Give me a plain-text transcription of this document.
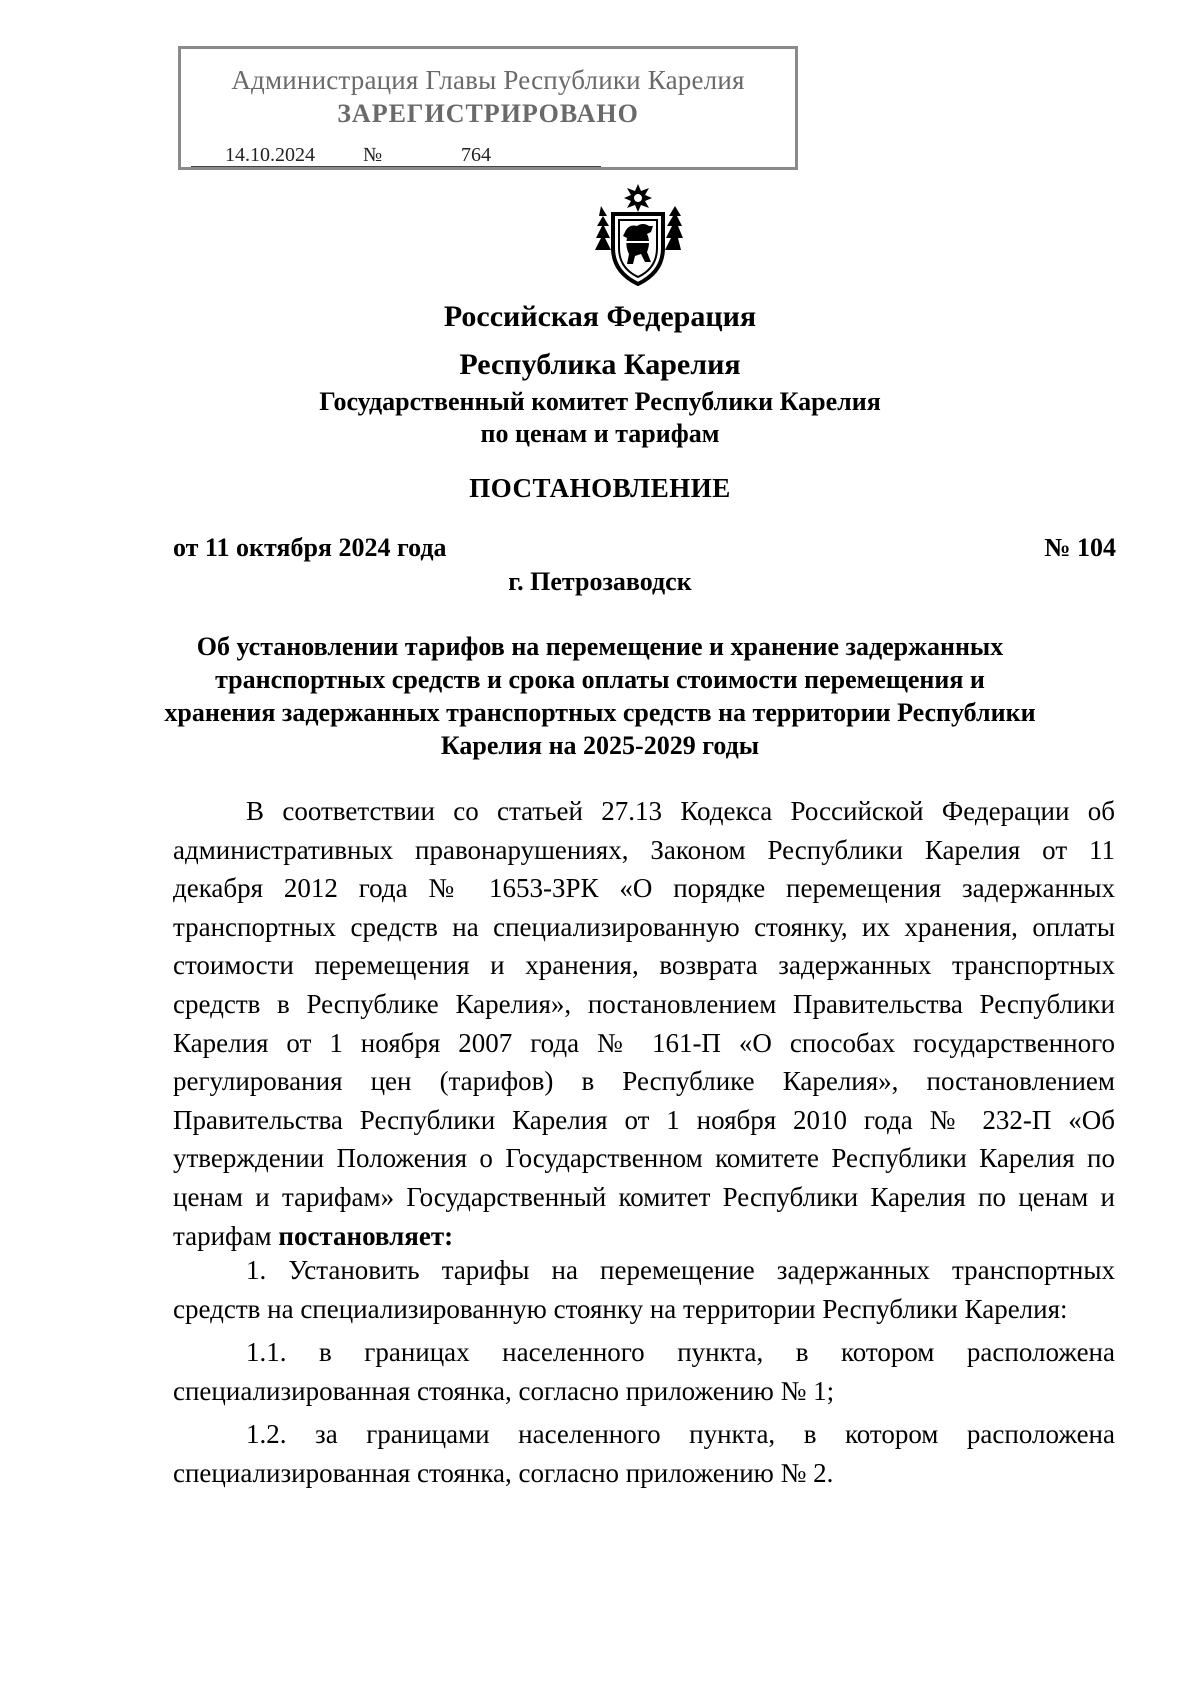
Администрация Главы Республики Карелия
ЗАРЕГИСТРИРОВАНО
14.10.2024 №	764
Российская Федерация
Республика Карелия
Государственный комитет Республики Карелия
по ценам и тарифам
ПОСТАНОВЛЕНИЕ
от 11 октября 2024 года	№ 104
г. Петрозаводск
Об установлении тарифов на перемещение и хранение задержанных транспортных средств и срока оплаты стоимости перемещения и хранения задержанных транспортных средств на территории Республики Карелия на 2025-2029 годы
В соответствии со статьей 27.13 Кодекса Российской Федерации об административных правонарушениях, Законом Республики Карелия от 11 декабря 2012 года № 1653-ЗРК «О порядке перемещения задержанных транспортных средств на специализированную стоянку, их хранения, оплаты стоимости перемещения и хранения, возврата задержанных транспортных средств в Республике Карелия», постановлением Правительства Республики Карелия от 1 ноября 2007 года № 161-П «О способах государственного регулирования цен (тарифов) в Республике Карелия», постановлением Правительства Республики Карелия от 1 ноября 2010 года № 232-П «Об утверждении Положения о Государственном комитете Республики Карелия по ценам и тарифам» Государственный комитет Республики Карелия по ценам и тарифам постановляет:
1. Установить тарифы на перемещение задержанных транспортных средств на специализированную стоянку на территории Республики Карелия:
1.1. в границах населенного пункта, в котором расположена специализированная стоянка, согласно приложению № 1;
1.2. за границами населенного пункта, в котором расположена специализированная стоянка, согласно приложению № 2.
